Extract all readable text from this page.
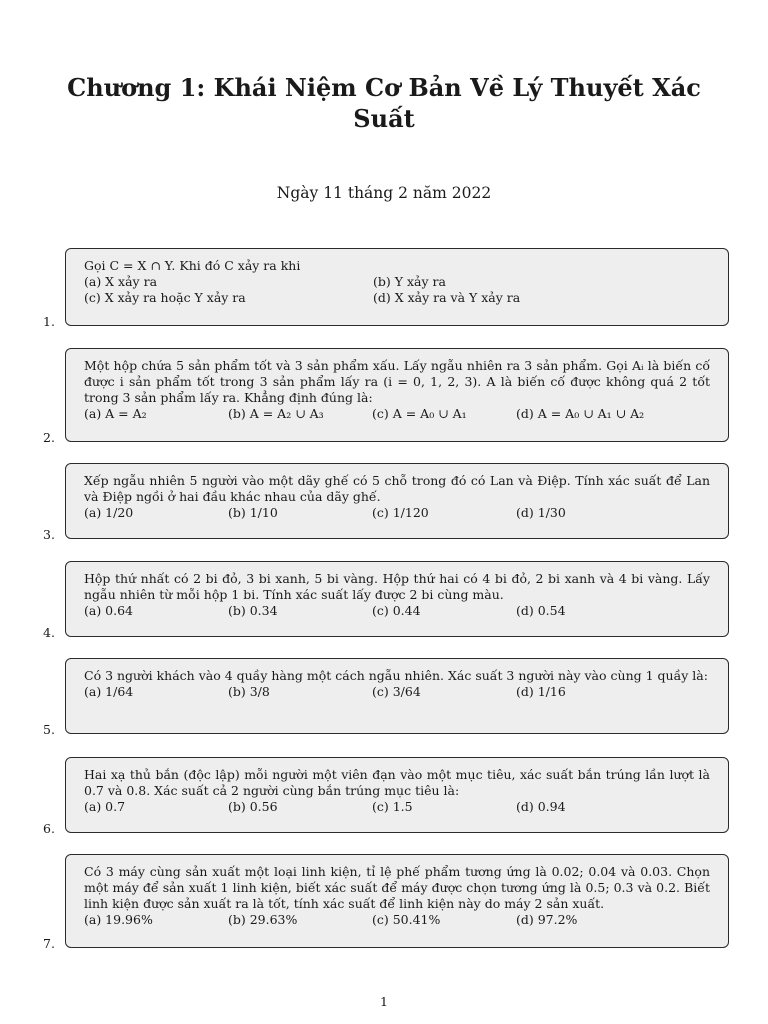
Chương 1: Khái Niệm Cơ Bản Về Lý Thuyết Xác Suất
Ngày 11 tháng 2 năm 2022
Gọi C = X ∩ Y. Khi đó C xảy ra khi
(a) X xảy ra	(b) Y xảy ra
(c) X xảy ra hoặc Y xảy ra	(d) X xảy ra và Y xảy ra
1.
Một hộp chứa 5 sản phẩm tốt và 3 sản phẩm xấu. Lấy ngẫu nhiên ra 3 sản phẩm. Gọi Aᵢ là biến cố được i sản phẩm tốt trong 3 sản phẩm lấy ra (i = 0, 1, 2, 3). A là biến cố được không quá 2 tốt trong 3 sản phẩm lấy ra. Khẳng định đúng là:
(a) A = A₂	(b) A = A₂ ∪ A₃	(c) A = A₀ ∪ A₁	(d) A = A₀ ∪ A₁ ∪ A₂
2.
Xếp ngẫu nhiên 5 người vào một dãy ghế có 5 chỗ trong đó có Lan và Điệp. Tính xác suất để Lan và Điệp ngồi ở hai đầu khác nhau của dãy ghế.
(a) 1/20	(b) 1/10	(c) 1/120	(d) 1/30
3.
Hộp thứ nhất có 2 bi đỏ, 3 bi xanh, 5 bi vàng. Hộp thứ hai có 4 bi đỏ, 2 bi xanh và 4 bi vàng. Lấy ngẫu nhiên từ mỗi hộp 1 bi. Tính xác suất lấy được 2 bi cùng màu.
(a) 0.64	(b) 0.34	(c) 0.44	(d) 0.54
4.
Có 3 người khách vào 4 quầy hàng một cách ngẫu nhiên. Xác suất 3 người này vào cùng 1 quầy là:
(a) 1/64	(b) 3/8	(c) 3/64	(d) 1/16
5.
Hai xạ thủ bắn (độc lập) mỗi người một viên đạn vào một mục tiêu, xác suất bắn trúng lần lượt là 0.7 và 0.8. Xác suất cả 2 người cùng bắn trúng mục tiêu là:
(a) 0.7	(b) 0.56	(c) 1.5	(d) 0.94
6.
Có 3 máy cùng sản xuất một loại linh kiện, tỉ lệ phế phẩm tương ứng là 0.02; 0.04 và 0.03. Chọn một máy để sản xuất 1 linh kiện, biết xác suất để máy được chọn tương ứng là 0.5; 0.3 và 0.2. Biết linh kiện được sản xuất ra là tốt, tính xác suất để linh kiện này do máy 2 sản xuất.
(a) 19.96%	(b) 29.63%	(c) 50.41%	(d) 97.2%
7.
1
